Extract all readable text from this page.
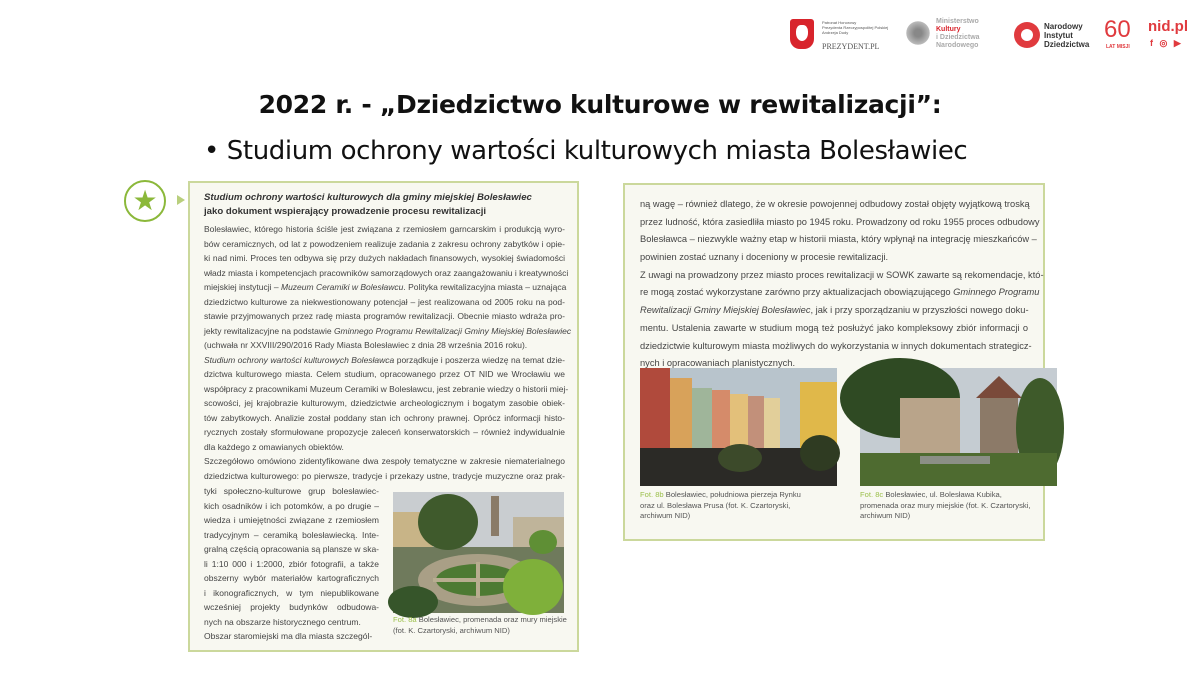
Patronat Honorowy
Prezydenta Rzeczypospolitej Polskiej
Andrzeja Dudy
PREZYDENT.PL
Ministerstwo
Kultury
i Dziedzictwa
Narodowego
Narodowy
Instytut
Dziedzictwa
60
LAT MISJI
nid.pl
f ◎ ▶
2022 r. - „Dziedzictwo kulturowe w rewitalizacji”:
• Studium ochrony wartości kulturowych miasta Bolesławiec
★	Studium ochrony wartości kulturowych dla gminy miejskiej Bolesławiec
jako dokument wspierający prowadzenie procesu rewitalizacji
Bolesławiec, którego historia ściśle jest związana z rzemiosłem garncarskim i produkcją wyro-
bów ceramicznych, od lat z powodzeniem realizuje zadania z zakresu ochrony zabytków i opie-
ki nad nimi. Proces ten odbywa się przy dużych nakładach finansowych, wysokiej świadomości
władz miasta i kompetencjach pracowników samorządowych oraz zaangażowaniu i kreatywności
miejskiej instytucji – Muzeum Ceramiki w Bolesławcu. Polityka rewitalizacyjna miasta – uznająca
dziedzictwo kulturowe za niekwestionowany potencjał – jest realizowana od 2005 roku na pod-
stawie przyjmowanych przez radę miasta programów rewitalizacji. Obecnie miasto wdraża pro-
jekty rewitalizacyjne na podstawie Gminnego Programu Rewitalizacji Gminy Miejskiej Bolesławiec
(uchwała nr XXVIII/290/2016 Rady Miasta Bolesławiec z dnia 28 września 2016 roku).
Studium ochrony wartości kulturowych Bolesławca porządkuje i poszerza wiedzę na temat dzie-
dzictwa kulturowego miasta. Celem studium, opracowanego przez OT NID we Wrocławiu we
współpracy z pracownikami Muzeum Ceramiki w Bolesławcu, jest zebranie wiedzy o historii miej-
scowości, jej krajobrazie kulturowym, dziedzictwie archeologicznym i bogatym zasobie obiek-
tów zabytkowych. Analizie został poddany stan ich ochrony prawnej. Oprócz informacji histo-
rycznych zostały sformułowane propozycje zaleceń konserwatorskich – również indywidualnie
dla każdego z omawianych obiektów.
Szczegółowo omówiono zidentyfikowane dwa zespoły tematyczne w zakresie niematerialnego
dziedzictwa kulturowego: po pierwsze, tradycje i przekazy ustne, tradycje muzyczne oraz prak-
tyki społeczno-kulturowe grup bolesławiec-
kich osadników i ich potomków, a po drugie –
wiedza i umiejętności związane z rzemiosłem
tradycyjnym – ceramiką bolesławiecką. Inte-
gralną częścią opracowania są plansze w ska-
li 1:10 000 i 1:2000, zbiór fotografii, a także
obszerny wybór materiałów kartograficznych
i ikonograficznych, w tym niepublikowane
wcześniej projekty budynków odbudowa-
nych na obszarze historycznego centrum.
Obszar staromiejski ma dla miasta szczegól-
Fot. 8a Bolesławiec, promenada oraz mury miejskie
(fot. K. Czartoryski, archiwum NID)
ną wagę – również dlatego, że w okresie powojennej odbudowy został objęty wyjątkową troską
przez ludność, która zasiedliła miasto po 1945 roku. Prowadzony od roku 1955 proces odbudowy
Bolesławca – niezwykle ważny etap w historii miasta, który wpłynął na integrację mieszkańców –
powinien zostać uznany i doceniony w procesie rewitalizacji.
Z uwagi na prowadzony przez miasto proces rewitalizacji w SOWK zawarte są rekomendacje, któ-
re mogą zostać wykorzystane zarówno przy aktualizacjach obowiązującego Gminnego Programu
Rewitalizacji Gminy Miejskiej Bolesławiec, jak i przy sporządzaniu w przyszłości nowego doku-
mentu. Ustalenia zawarte w studium mogą też posłużyć jako kompleksowy zbiór informacji o
dziedzictwie kulturowym miasta możliwych do wykorzystania w innych dokumentach strategicz-
nych i opracowaniach planistycznych.
Fot. 8b Bolesławiec, południowa pierzeja Rynku
oraz ul. Bolesława Prusa (fot. K. Czartoryski,
archiwum NID)
Fot. 8c Bolesławiec, ul. Bolesława Kubika,
promenada oraz mury miejskie (fot. K. Czartoryski,
archiwum NID)
